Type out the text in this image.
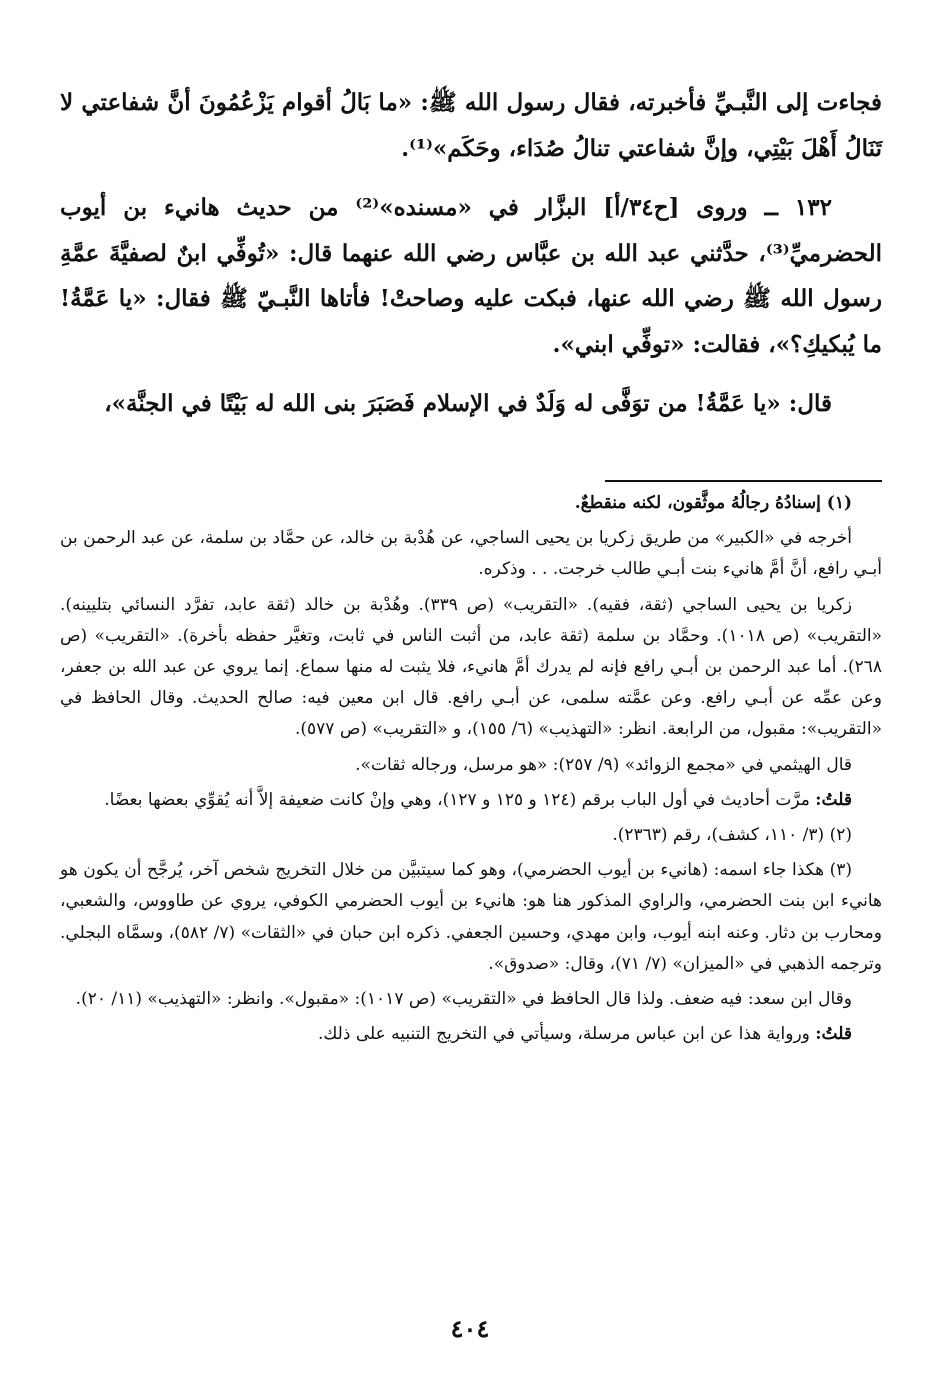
فجاءت إلى النَّبـيِّ فأخبرته، فقال رسول الله ﷺ: «ما بَالُ أقوام يَزْعُمُونَ أنَّ شفاعتي لا تَنَالُ أَهْلَ بَيْتِي، وإنَّ شفاعتي تنالُ صُدَاء، وحَكَم»⁽¹⁾.

١٣٢ ــ وروى [ح٣٤/أ] البزَّار في «مسنده»⁽²⁾ من حديث هانيء بن أيوب الحضرميِّ⁽³⁾، حدَّثني عبد الله بن عبَّاس رضي الله عنهما قال: «تُوفِّي ابنٌ لصفيَّةَ عمَّةِ رسول الله ﷺ رضي الله عنها، فبكت عليه وصاحتْ! فأتاها النَّبـيّ ﷺ فقال: «يا عَمَّةُ! ما يُبكيكِ؟»، فقالت: «توفِّي ابني».

قال: «يا عَمَّةُ! من توَفَّى له وَلَدٌ في الإسلام فَصَبَرَ بنى الله له بَيْتًا في الجنَّة»،

(١) إسنادُهُ رجالُهُ موثَّقون، لكنه منقطعٌ.

أخرجه في «الكبير» من طريق زكريا بن يحيى الساجي، عن هُدْبة بن خالد، عن حمَّاد بن سلمة، عن عبد الرحمن بن أبـي رافع، أنَّ أمَّ هانيء بنت أبـي طالب خرجت. . . وذكره.

زكريا بن يحيى الساجي (ثقة، فقيه). «التقريب» (ص ٣٣٩). وهُدْبة بن خالد (ثقة عابد، تفرَّد النسائي بتليينه). «التقريب» (ص ١٠١٨). وحمَّاد بن سلمة (ثقة عابد، من أثبت الناس في ثابت، وتغيَّر حفظه بأخرة). «التقريب» (ص ٢٦٨). أما عبد الرحمن بن أبـي رافع فإنه لم يدرك أمَّ هانيء، فلا يثبت له منها سماع. إنما يروي عن عبد الله بن جعفر، وعن عمِّه عن أبـي رافع. وعن عمَّته سلمى، عن أبـي رافع. قال ابن معين فيه: صالح الحديث. وقال الحافظ في «التقريب»: مقبول، من الرابعة. انظر: «التهذيب» (٦/ ١٥٥)، و «التقريب» (ص ٥٧٧).

قال الهيثمي في «مجمع الزوائد» (٩/ ٢٥٧): «هو مرسل، ورجاله ثقات».

قلتُ: مرَّت أحاديث في أول الباب برقم (١٢٤ و ١٢٥ و ١٢٧)، وهي وإنْ كانت ضعيفة إلاَّ أنه يُقوِّي بعضها بعضًا.

(٢) (٣/ ١١٠، كشف)، رقم (٢٣٦٣).

(٣) هكذا جاء اسمه: (هانيء بن أيوب الحضرمي)، وهو كما سيتبيَّن من خلال التخريج شخص آخر، يُرجَّح أن يكون هو هانيء ابن بنت الحضرمي، والراوي المذكور هنا هو: هانيء بن أيوب الحضرمي الكوفي، يروي عن طاووس، والشعبي، ومحارب بن دثار. وعنه ابنه أيوب، وابن مهدي، وحسين الجعفي. ذكره ابن حبان في «الثقات» (٧/ ٥٨٢)، وسمَّاه البجلي. وترجمه الذهبي في «الميزان» (٧/ ٧١)، وقال: «صدوق».

وقال ابن سعد: فيه ضعف. ولذا قال الحافظ في «التقريب» (ص ١٠١٧): «مقبول». وانظر: «التهذيب» (١١/ ٢٠).

قلتُ: ورواية هذا عن ابن عباس مرسلة، وسيأتي في التخريج التنبيه على ذلك.

٤٠٤
